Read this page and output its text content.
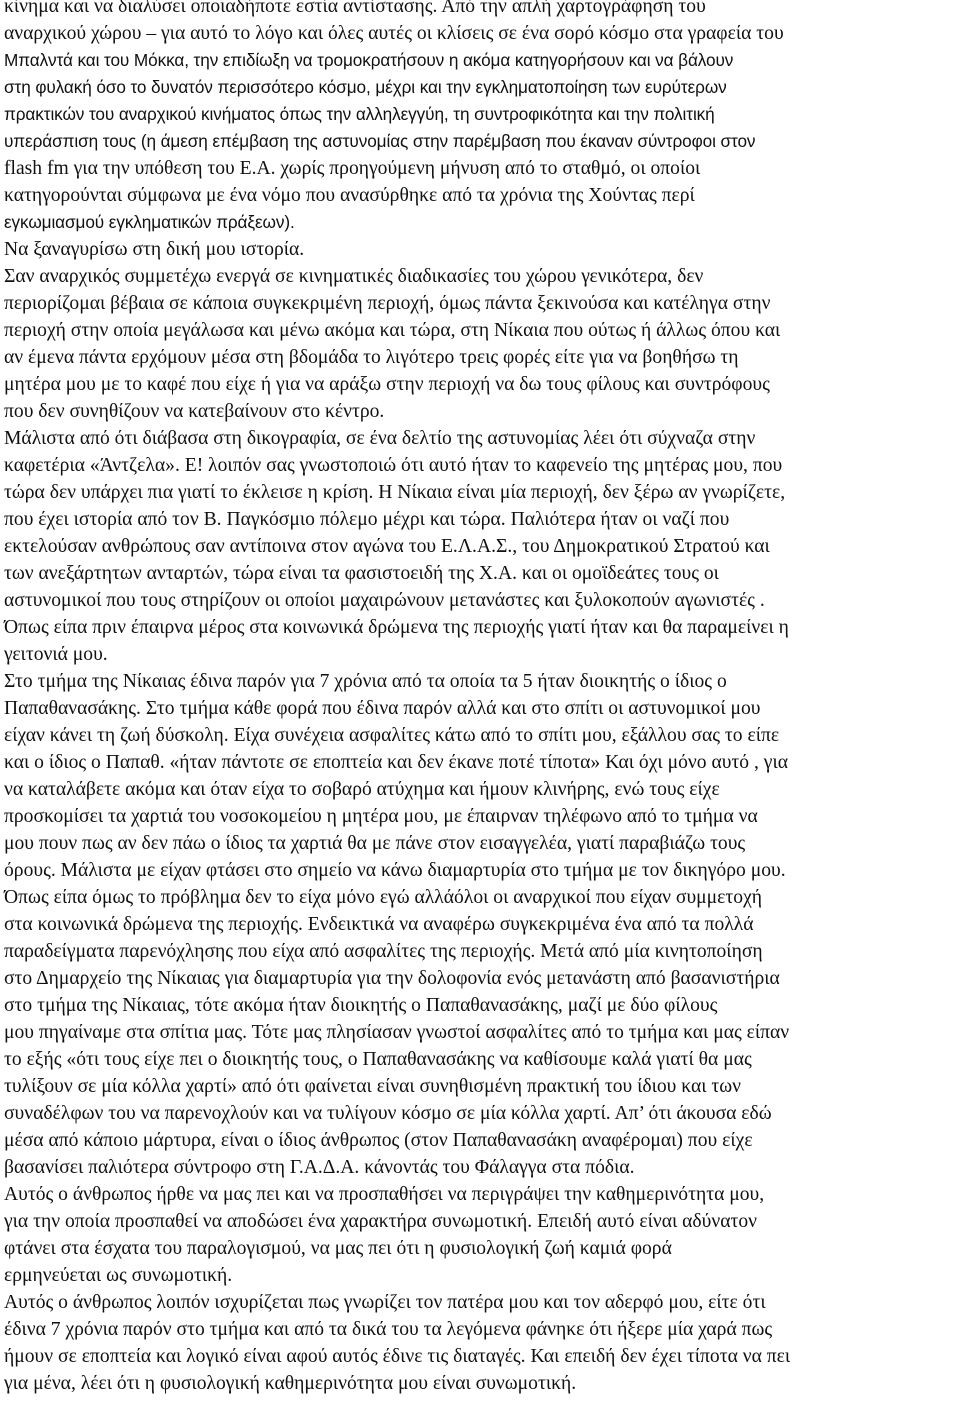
κίνημα και να διαλύσει οποιαδήποτε εστία αντίστασης. Από την απλή χαρτογράφηση του
αναρχικού χώρου – για αυτό το λόγο και όλες αυτές οι κλίσεις σε ένα σορό κόσμο στα γραφεία του
Μπαλντά και του Μόκκα, την επιδίωξη να τρομοκρατήσουν η ακόμα κατηγορήσουν και να βάλουν
στη φυλακή όσο το δυνατόν περισσότερο κόσμο, μέχρι και την εγκληματοποίηση των ευρύτερων
πρακτικών του αναρχικού κινήματος όπως την αλληλεγγύη, τη συντροφικότητα και την πολιτική
υπεράσπιση τους (η άμεση επέμβαση της αστυνομίας στην παρέμβαση που έκαναν σύντροφοι στον
flash fm για την υπόθεση του Ε.Α. χωρίς προηγούμενη μήνυση από το σταθμό, οι οποίοι
κατηγορούνται σύμφωνα με ένα νόμο που ανασύρθηκε από τα χρόνια της Χούντας περί
εγκωμιασμού εγκληματικών πράξεων).
Να ξαναγυρίσω στη δική μου ιστορία.
Σαν αναρχικός συμμετέχω ενεργά σε κινηματικές διαδικασίες του χώρου γενικότερα, δεν
περιορίζομαι βέβαια σε κάποια συγκεκριμένη περιοχή, όμως πάντα ξεκινούσα και κατέληγα στην
περιοχή στην οποία μεγάλωσα και μένω ακόμα και τώρα, στη Νίκαια που ούτως ή άλλως όπου και
αν έμενα πάντα ερχόμουν μέσα στη βδομάδα το λιγότερο τρεις φορές είτε για να βοηθήσω τη
μητέρα μου με το καφέ που είχε ή για να αράξω στην περιοχή να δω τους φίλους και συντρόφους
που δεν συνηθίζουν να κατεβαίνουν στο κέντρο.
Μάλιστα από ότι διάβασα στη δικογραφία, σε ένα δελτίο της αστυνομίας λέει ότι σύχναζα στην
καφετέρια «Άντζελα». Ε! λοιπόν σας γνωστοποιώ ότι αυτό ήταν το καφενείο της μητέρας μου, που
τώρα δεν υπάρχει πια γιατί το έκλεισε η κρίση. Η Νίκαια είναι μία περιοχή, δεν ξέρω αν γνωρίζετε,
που έχει ιστορία από τον Β. Παγκόσμιο πόλεμο μέχρι και τώρα. Παλιότερα ήταν οι ναζί που
εκτελούσαν ανθρώπους σαν αντίποινα στον αγώνα του Ε.Λ.Α.Σ., του Δημοκρατικού Στρατού και
των ανεξάρτητων ανταρτών, τώρα είναι τα φασιστοειδή της Χ.Α. και οι ομοϊδεάτες τους οι
αστυνομικοί που τους στηρίζουν οι οποίοι μαχαιρώνουν μετανάστες και ξυλοκοπούν αγωνιστές .
Όπως είπα πριν έπαιρνα μέρος στα κοινωνικά δρώμενα της περιοχής γιατί ήταν και θα παραμείνει η
γειτονιά μου.
Στο τμήμα της Νίκαιας έδινα παρόν για 7 χρόνια από τα οποία τα 5 ήταν διοικητής ο ίδιος ο
Παπαθανασάκης. Στο τμήμα κάθε φορά που έδινα παρόν αλλά και στο σπίτι οι αστυνομικοί μου
είχαν κάνει τη ζωή δύσκολη. Είχα συνέχεια ασφαλίτες κάτω από το σπίτι μου, εξάλλου σας το είπε
και ο ίδιος ο Παπαθ. «ήταν πάντοτε σε επoπτεία και δεν έκανε ποτέ τίποτα» Και όχι μόνο αυτό , για
να καταλάβετε ακόμα και όταν είχα το σοβαρό ατύχημα και ήμουν κλινήρης, ενώ τους είχε
προσκομίσει τα χαρτιά του νοσοκομείου η μητέρα μου, με έπαιρναν τηλέφωνο από το τμήμα να
μου πουν πως αν δεν πάω ο ίδιος τα χαρτιά θα με πάνε στον εισαγγελέα, γιατί παραβιάζω τους
όρους. Μάλιστα με είχαν φτάσει στο σημείο να κάνω διαμαρτυρία στο τμήμα με τον δικηγόρο μου.
Όπως είπα όμως το πρόβλημα δεν το είχα μόνο εγώ αλλάόλοι οι αναρχικοί που είχαν συμμετοχή
στα κοινωνικά δρώμενα της περιοχής. Ενδεικτικά να αναφέρω συγκεκριμένα ένα από τα πολλά
παραδείγματα παρενόχλησης που είχα από ασφαλίτες της περιοχής. Μετά από μία κινητοποίηση
στο Δημαρχείο της Νίκαιας για διαμαρτυρία για την δολοφονία ενός μετανάστη από βασανιστήρια
στο τμήμα της Νίκαιας, τότε ακόμα ήταν διοικητής ο Παπαθανασάκης, μαζί με δύο φίλους
μου πηγαίναμε στα σπίτια μας. Τότε μας πλησίασαν γνωστοί ασφαλίτες από το τμήμα και μας είπαν
το εξής «ότι τους είχε πει ο διοικητής τους, ο Παπαθανασάκης να καθίσουμε καλά γιατί θα μας
τυλίξουν σε μία κόλλα χαρτί» από ότι φαίνεται είναι συνηθισμένη πρακτική του ίδιου και των
συναδέλφων του να παρενοχλούν και να τυλίγουν κόσμο σε μία κόλλα χαρτί. Απ’ ότι άκουσα εδώ
μέσα από κάποιο μάρτυρα, είναι ο ίδιος άνθρωπος (στον Παπαθανασάκη αναφέρομαι) που είχε
βασανίσει παλιότερα σύντροφο στη Γ.Α.Δ.Α. κάνοντάς του Φάλαγγα στα πόδια.
Αυτός ο άνθρωπος ήρθε να μας πει και να προσπαθήσει να περιγράψει την καθημερινότητα μου,
για την οποία προσπαθεί να αποδώσει ένα χαρακτήρα συνωμοτική. Επειδή αυτό είναι αδύνατον
φτάνει στα έσχατα του παραλογισμού, να μας πει ότι η φυσιολογική ζωή καμιά φορά
ερμηνεύεται ως συνωμοτική.
Αυτός ο άνθρωπος λοιπόν ισχυρίζεται πως γνωρίζει τον πατέρα μου και τον αδερφό μου, είτε ότι
έδινα 7 χρόνια παρόν στο τμήμα και από τα δικά του τα λεγόμενα φάνηκε ότι ήξερε μία χαρά πως
ήμουν σε εποπτεία και λογικό είναι αφού αυτός έδινε τις διαταγές. Και επειδή δεν έχει τίποτα να πει
για μένα, λέει ότι η φυσιολογική καθημερινότητα μου είναι συνωμοτική.
